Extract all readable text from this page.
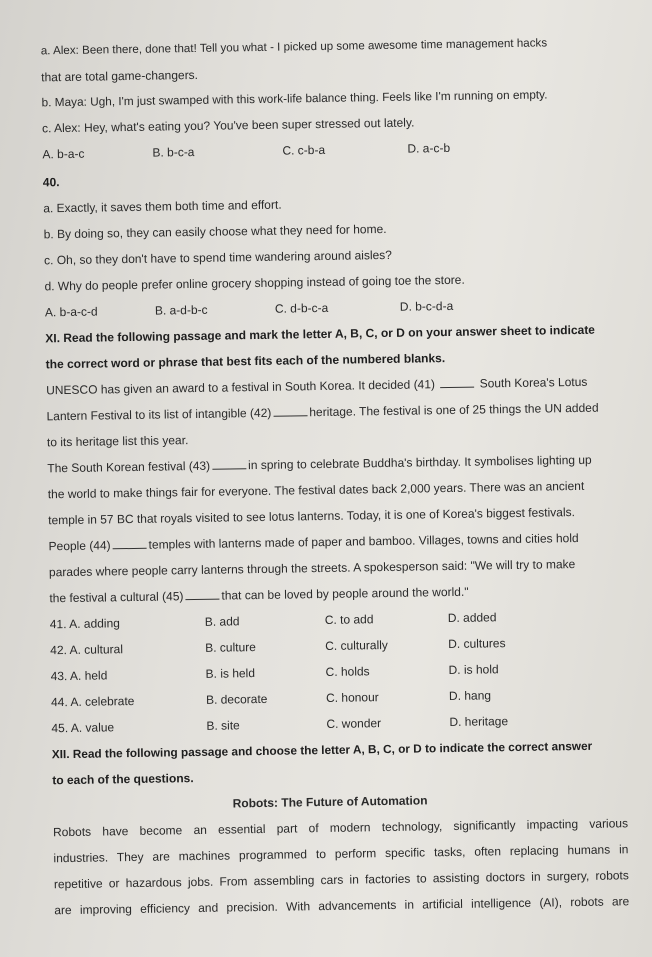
a. Alex: Been there, done that! Tell you what - I picked up some awesome time management hacks
that are total game-changers.
b. Maya: Ugh, I'm just swamped with this work-life balance thing. Feels like I'm running on empty.
c. Alex: Hey, what's eating you? You've been super stressed out lately.
A. b-a-c	B. b-c-a	C. c-b-a	D. a-c-b
40.
a. Exactly, it saves them both time and effort.
b. By doing so, they can easily choose what they need for home.
c. Oh, so they don't have to spend time wandering around aisles?
d. Why do people prefer online grocery shopping instead of going toe the store.
A. b-a-c-d	B. a-d-b-c	C. d-b-c-a	D. b-c-d-a
XI. Read the following passage and mark the letter A, B, C, or D on your answer sheet to indicate
the correct word or phrase that best fits each of the numbered blanks.
UNESCO has given an award to a festival in South Korea. It decided (41)	South Korea's Lotus
Lantern Festival to its list of intangible (42)	heritage. The festival is one of 25 things the UN added
to its heritage list this year.
The South Korean festival (43)	in spring to celebrate Buddha's birthday. It symbolises lighting up
the world to make things fair for everyone. The festival dates back 2,000 years. There was an ancient
temple in 57 BC that royals visited to see lotus lanterns. Today, it is one of Korea's biggest festivals.
People (44)	temples with lanterns made of paper and bamboo. Villages, towns and cities hold
parades where people carry lanterns through the streets. A spokesperson said: "We will try to make
the festival a cultural (45)	that can be loved by people around the world."
41. A. adding	B. add	C. to add	D. added
42. A. cultural	B. culture	C. culturally	D. cultures
43. A. held	B. is held	C. holds	D. is hold
44. A. celebrate	B. decorate	C. honour	D. hang
45. A. value	B. site	C. wonder	D. heritage
XII. Read the following passage and choose the letter A, B, C, or D to indicate the correct answer
to each of the questions.
Robots: The Future of Automation
Robots have become an essential part of modern technology, significantly impacting various
industries. They are machines programmed to perform specific tasks, often replacing humans in
repetitive or hazardous jobs. From assembling cars in factories to assisting doctors in surgery, robots
are improving efficiency and precision. With advancements in artificial intelligence (AI), robots are
